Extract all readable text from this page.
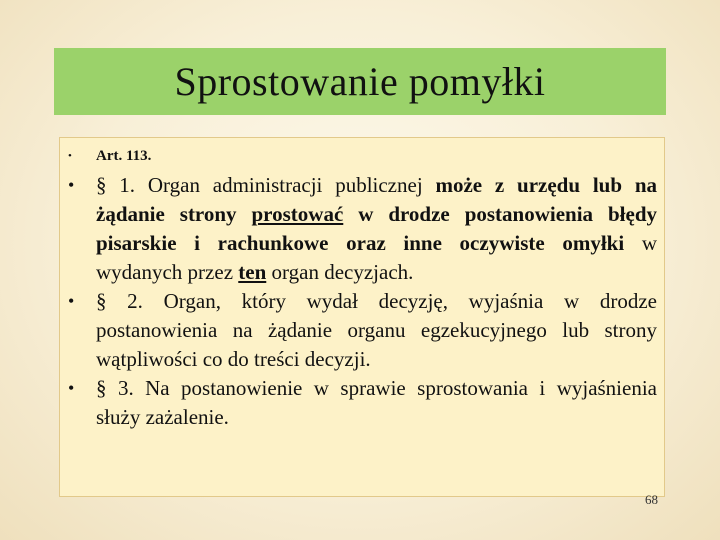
Sprostowanie pomyłki
•	Art. 113.
•	§ 1. Organ administracji publicznej może z urzędu lub na żądanie strony prostować w drodze postanowienia błędy pisarskie i rachunkowe oraz inne oczywiste omyłki w wydanych przez ten organ decyzjach.
•	§ 2. Organ, który wydał decyzję, wyjaśnia w drodze postanowienia na żądanie organu egzekucyjnego lub strony wątpliwości co do treści decyzji.
•	§ 3. Na postanowienie w sprawie sprostowania i wyjaśnienia służy zażalenie.
68
